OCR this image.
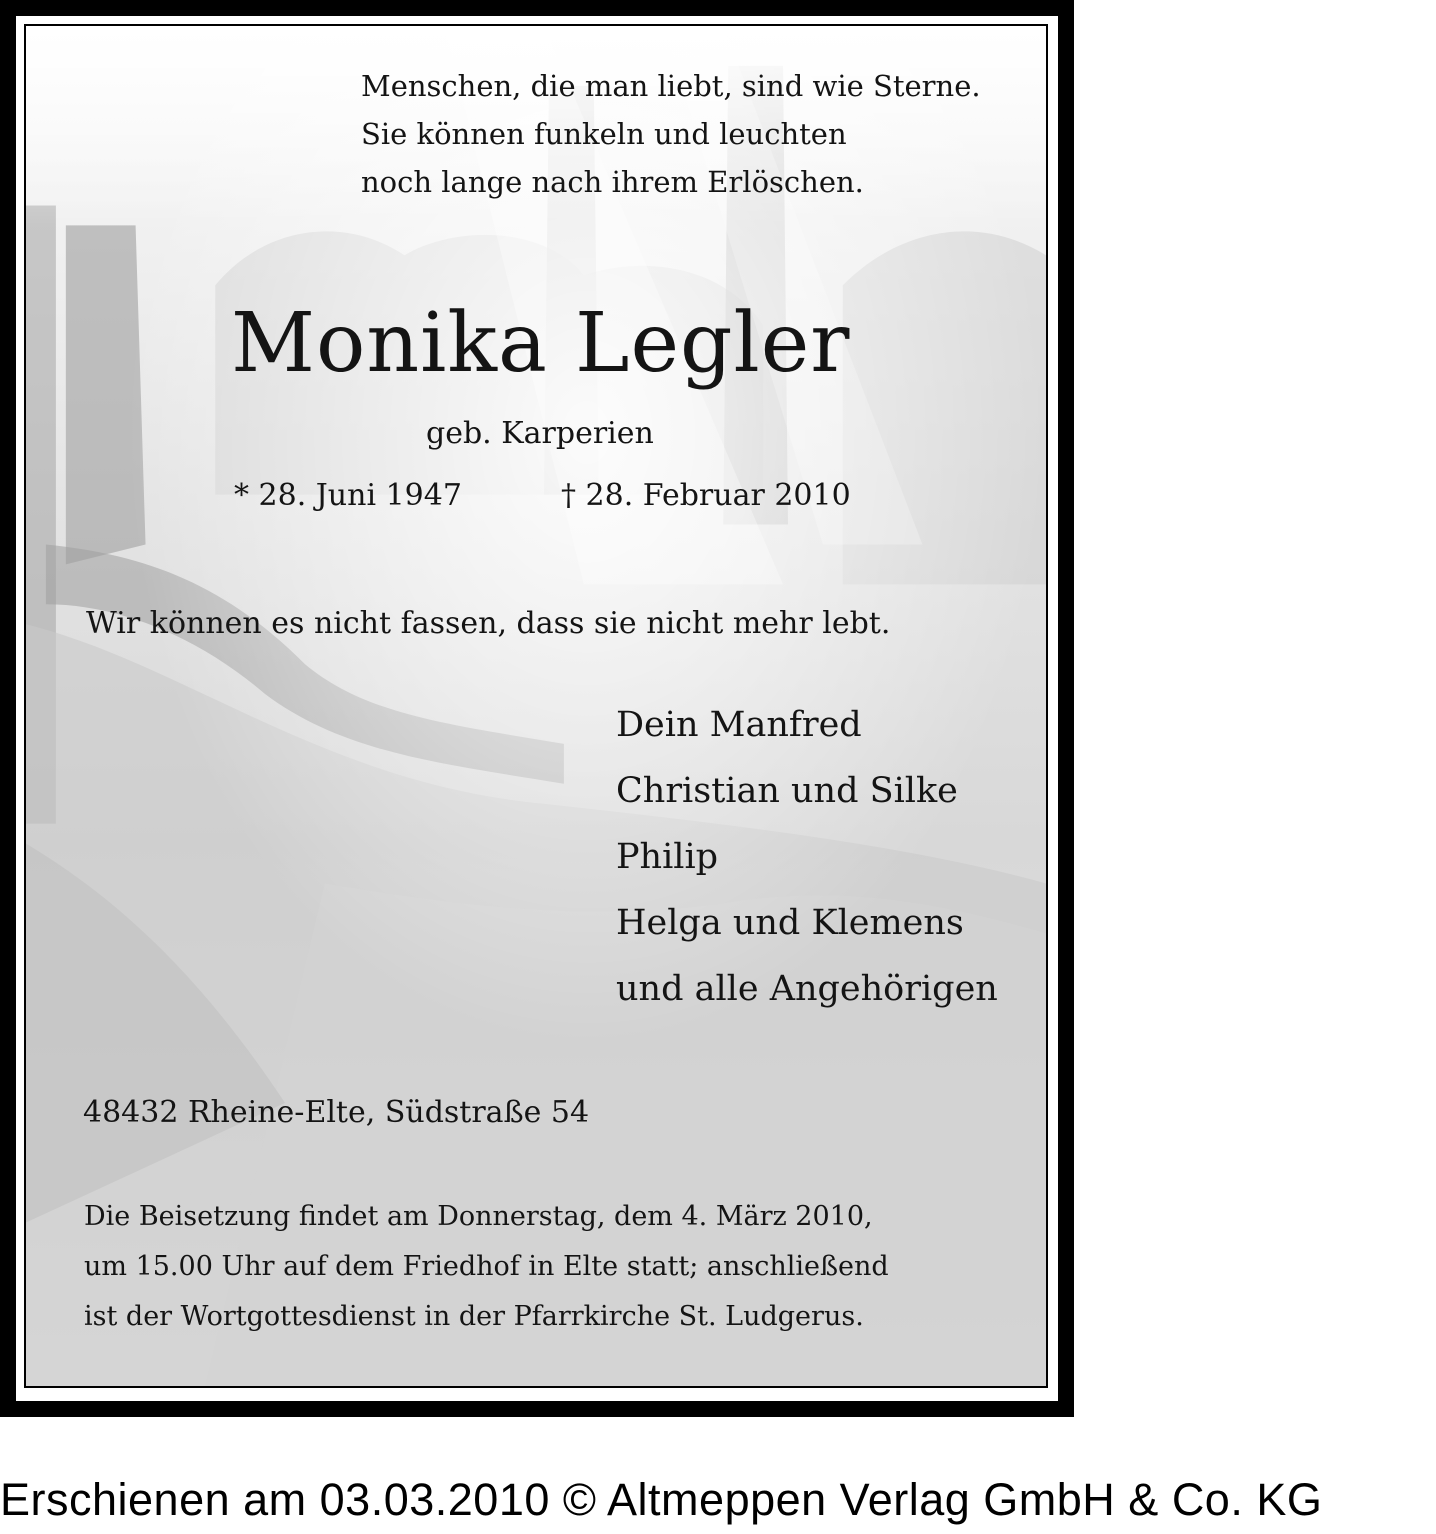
Menschen, die man liebt, sind wie Sterne.
Sie können funkeln und leuchten
noch lange nach ihrem Erlöschen.
Monika Legler
geb. Karperien
* 28. Juni 1947	† 28. Februar 2010
Wir können es nicht fassen, dass sie nicht mehr lebt.
Dein Manfred
Christian und Silke
Philip
Helga und Klemens
und alle Angehörigen
48432 Rheine-Elte, Südstraße 54
Die Beisetzung findet am Donnerstag, dem 4. März 2010,
um 15.00 Uhr auf dem Friedhof in Elte statt; anschließend
ist der Wortgottesdienst in der Pfarrkirche St. Ludgerus.
Erschienen am 03.03.2010 © Altmeppen Verlag GmbH & Co. KG
